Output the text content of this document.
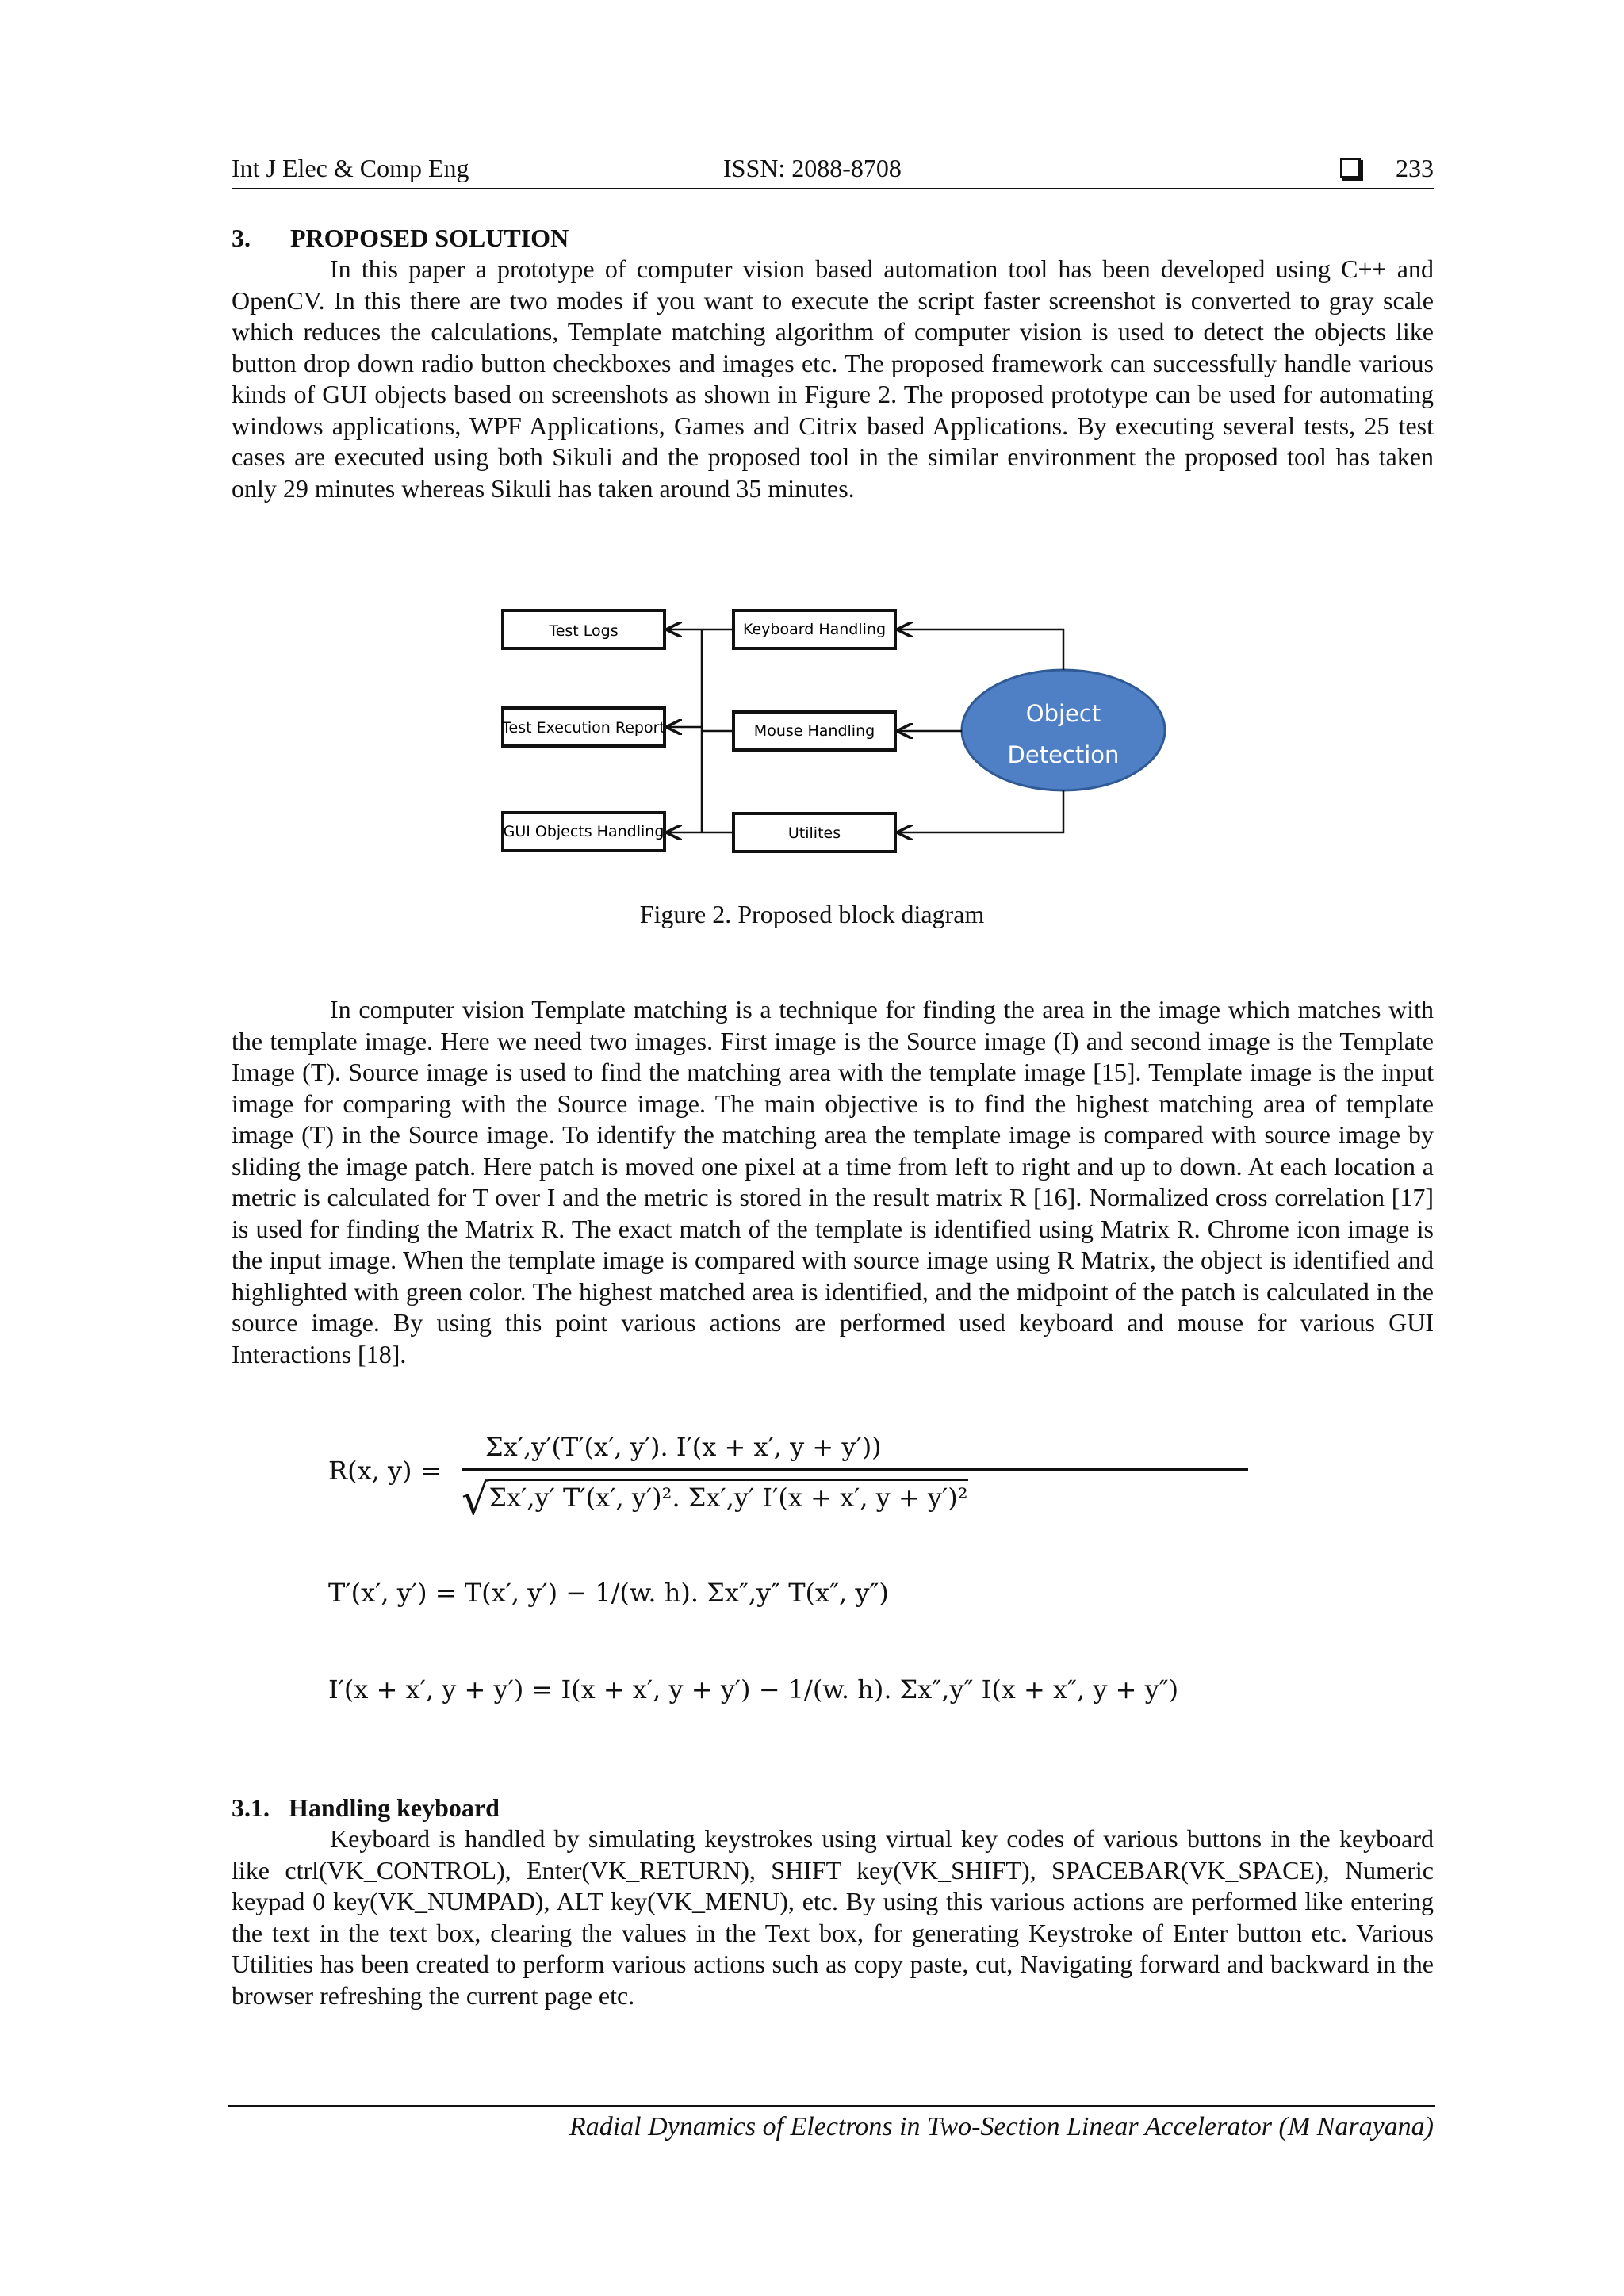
Int J Elec & Comp Eng	ISSN: 2088-8708	233
3. PROPOSED SOLUTION

In this paper a prototype of computer vision based automation tool has been developed using C++ and OpenCV. In this there are two modes if you want to execute the script faster screenshot is converted to gray scale which reduces the calculations, Template matching algorithm of computer vision is used to detect the objects like button drop down radio button checkboxes and images etc. The proposed framework can successfully handle various kinds of GUI objects based on screenshots as shown in Figure 2. The proposed prototype can be used for automating windows applications, WPF Applications, Games and Citrix based Applications. By executing several tests, 25 test cases are executed using both Sikuli and the proposed tool in the similar environment the proposed tool has taken only 29 minutes whereas Sikuli has taken around 35 minutes.

Test Logs
Test Execution Report
GUI Objects Handling
Keyboard Handling
Mouse Handling
Utilites
Object
Detection
Figure 2. Proposed block diagram

In computer vision Template matching is a technique for finding the area in the image which matches with the template image. Here we need two images. First image is the Source image (I) and second image is the Template Image (T). Source image is used to find the matching area with the template image [15]. Template image is the input image for comparing with the Source image. The main objective is to find the highest matching area of template image (T) in the Source image. To identify the matching area the template image is compared with source image by sliding the image patch. Here patch is moved one pixel at a time from left to right and up to down. At each location a metric is calculated for T over I and the metric is stored in the result matrix R [16]. Normalized cross correlation [17] is used for finding the Matrix R. The exact match of the template is identified using Matrix R. Chrome icon image is the input image. When the template image is compared with source image using R Matrix, the object is identified and highlighted with green color. The highest matched area is identified, and the midpoint of the patch is calculated in the source image. By using this point various actions are performed used keyboard and mouse for various GUI Interactions [18].

R(x, y) =
Σx′,y′(T′(x′, y′). I′(x + x′, y + y′))
√Σx′,y′ T′(x′, y′)². Σx′,y′ I′(x + x′, y + y′)²
T′(x′, y′) = T(x′, y′) − 1/(w. h). Σx″,y″ T(x″, y″)
I′(x + x′, y + y′) = I(x + x′, y + y′) − 1/(w. h). Σx″,y″ I(x + x″, y + y″)
3.1. Handling keyboard

Keyboard is handled by simulating keystrokes using virtual key codes of various buttons in the keyboard like ctrl(VK_CONTROL), Enter(VK_RETURN), SHIFT key(VK_SHIFT), SPACEBAR(VK_SPACE), Numeric keypad 0 key(VK_NUMPAD), ALT key(VK_MENU), etc. By using this various actions are performed like entering the text in the text box, clearing the values in the Text box, for generating Keystroke of Enter button etc. Various Utilities has been created to perform various actions such as copy paste, cut, Navigating forward and backward in the browser refreshing the current page etc.

Radial Dynamics of Electrons in Two-Section Linear Accelerator (M Narayana)
